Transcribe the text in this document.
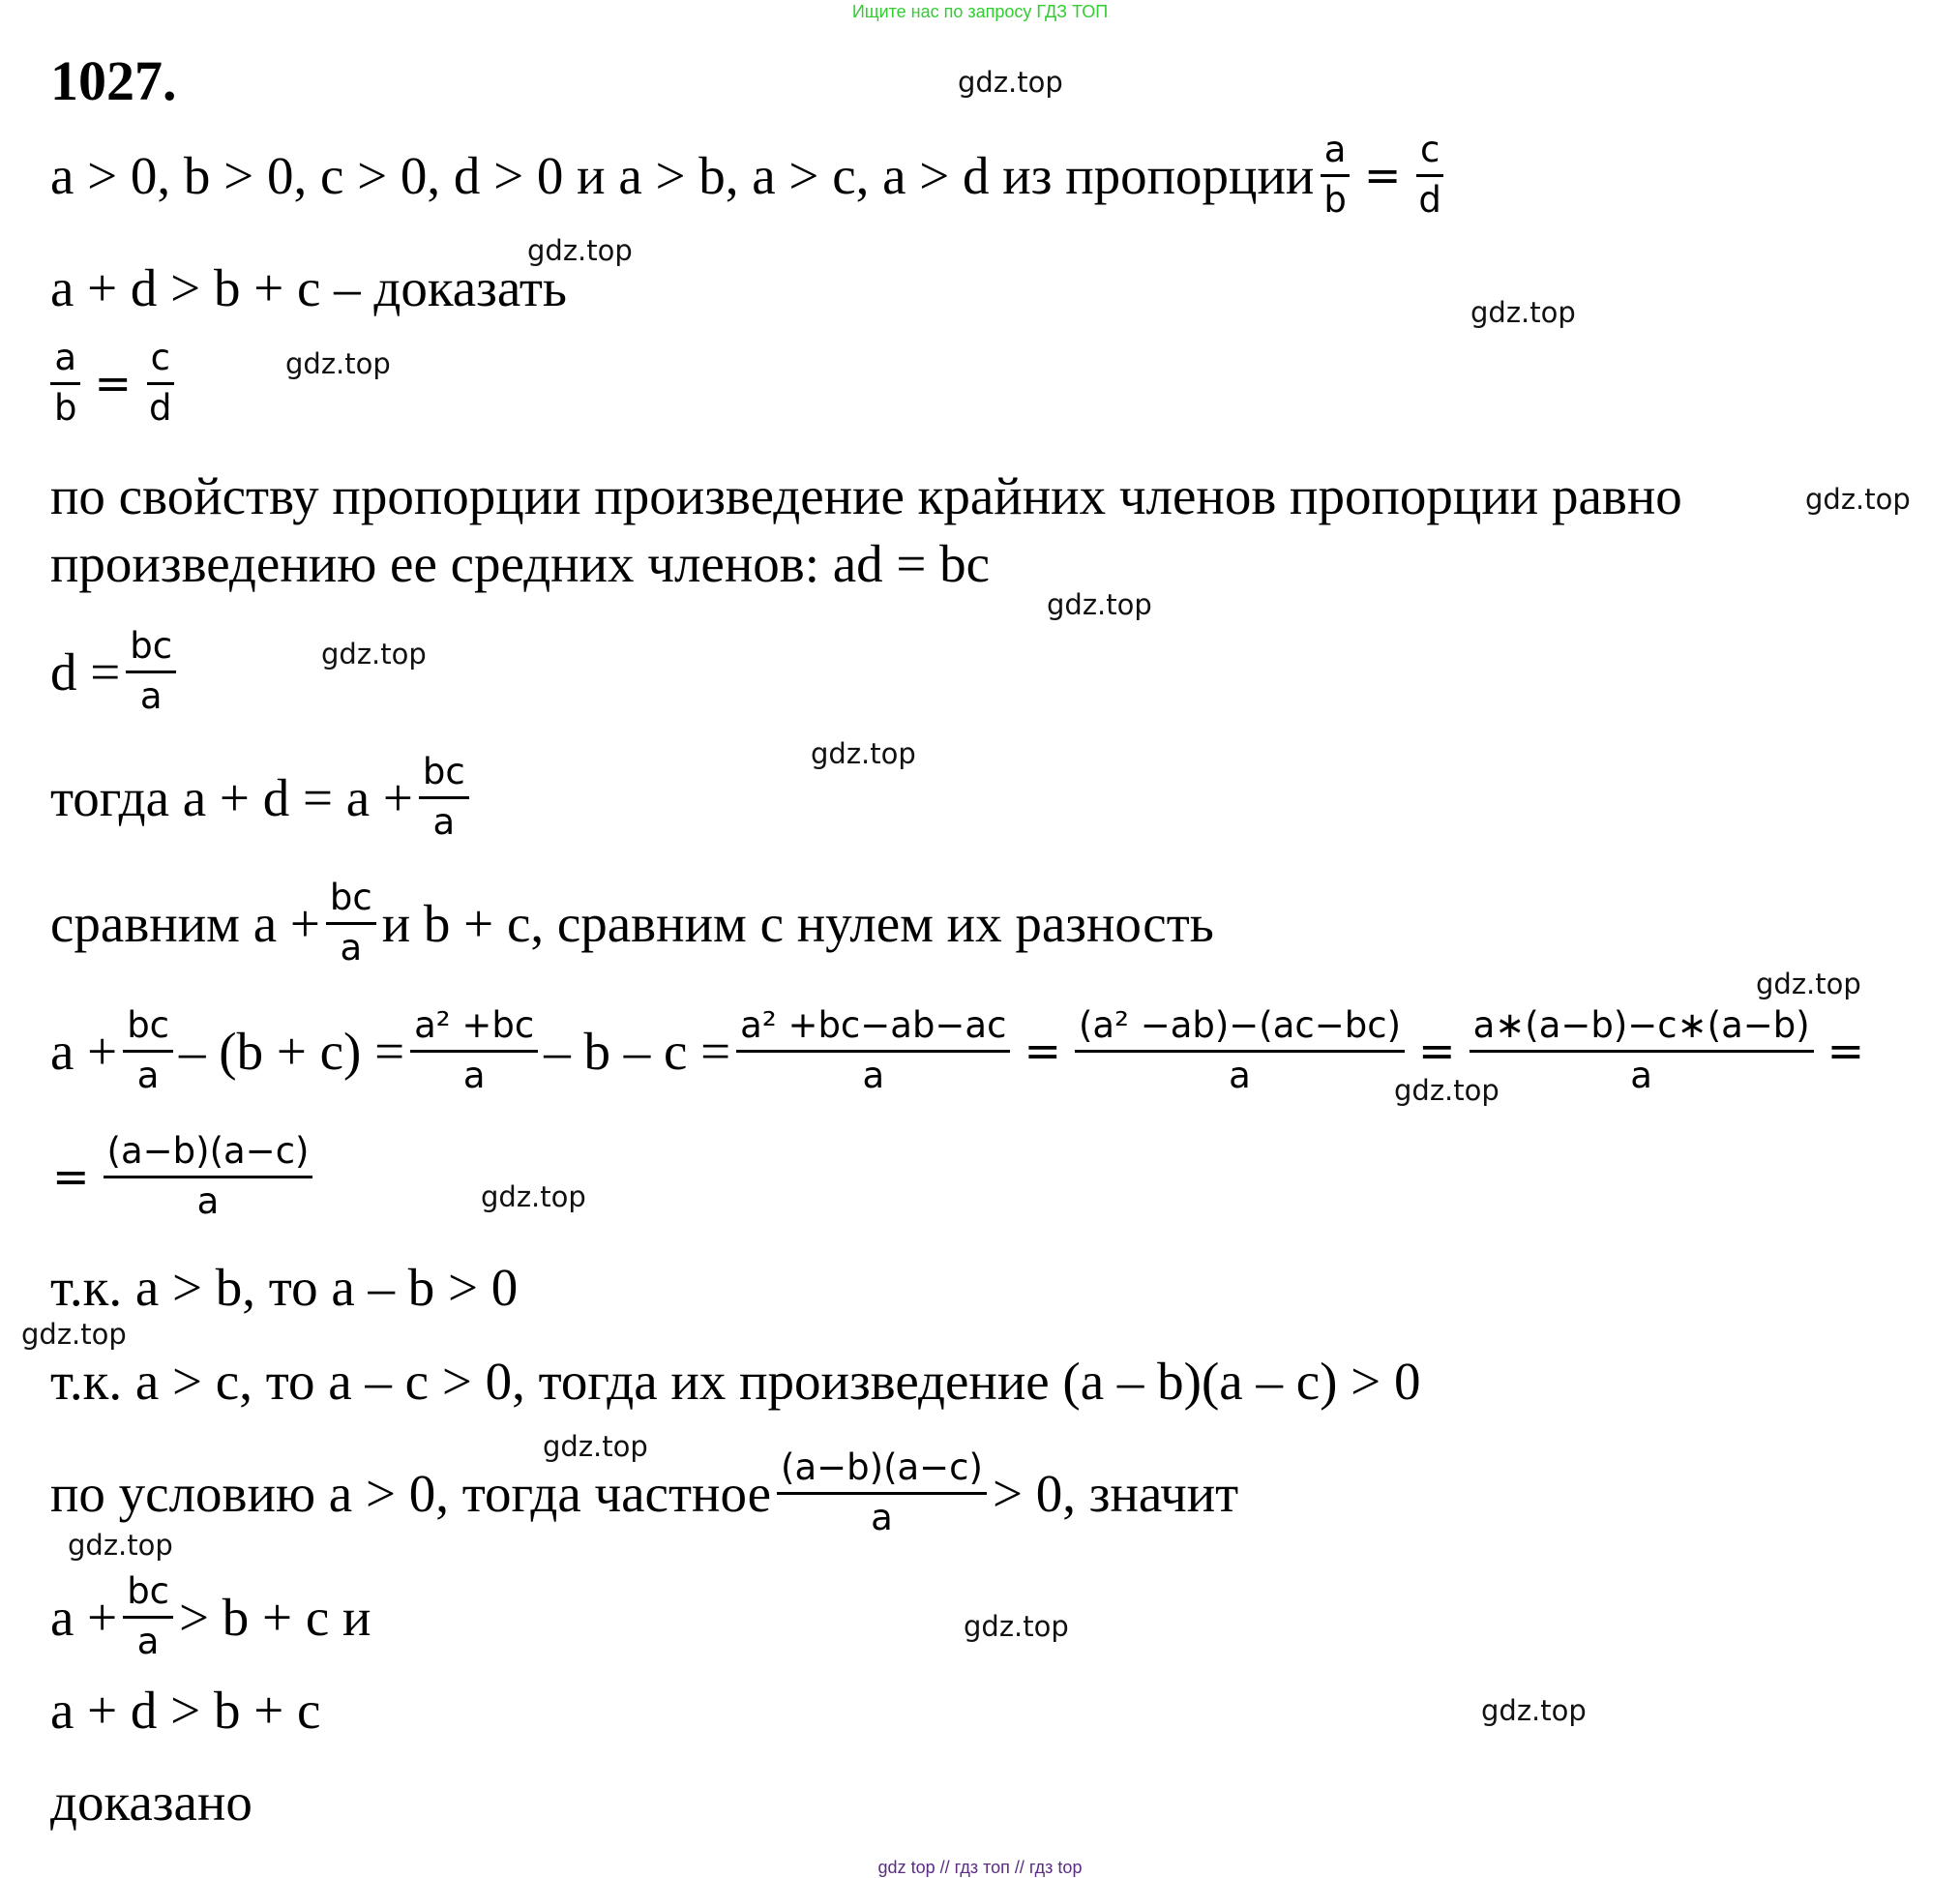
Ищите нас по запросу ГДЗ ТОП
1027.
a > 0, b > 0, c > 0, d > 0 и a > b, a > c, a > d из пропорции $\frac{a}{b} = \frac{c}{d}$
a + d > b + c – доказать
$\frac{a}{b} = \frac{c}{d}$
по свойству пропорции произведение крайних членов пропорции равно
произведению ее средних членов: ad = bc
$d = \frac{bc}{a}$
тогда $a + d = a + \frac{bc}{a}$
сравним $a + \frac{bc}{a}$ и b + c, сравним с нулем их разность
$a + \frac{bc}{a} - (b + c) = \frac{\text{a² +bc}}{a} - b - c = \frac{\text{a² +bc−ab−ac}}{a} = \frac{\text{(a² −ab)−(ac−bc)}}{a} = \frac{a∗(a-b)-c∗(a-b)}{a}$ =
= $\frac{(a-b)(a-c)}{a}$
т.к. a > b, то a – b > 0
т.к. a > c, то a – c > 0, тогда их произведение (a – b)(a – c) > 0
по условию a > 0, тогда частное $\frac{(a-b)(a-c)}{a} > 0$, значит
$a + \frac{bc}{a} > b + c$ и
a + d > b + c
доказано
gdz.top
gdz.top
gdz.top
gdz.top
gdz.top
gdz.top
gdz.top
gdz.top
gdz.top
gdz.top
gdz.top
gdz.top
gdz.top
gdz.top
gdz.top
gdz.top
gdz top // гдз топ // гдз top
